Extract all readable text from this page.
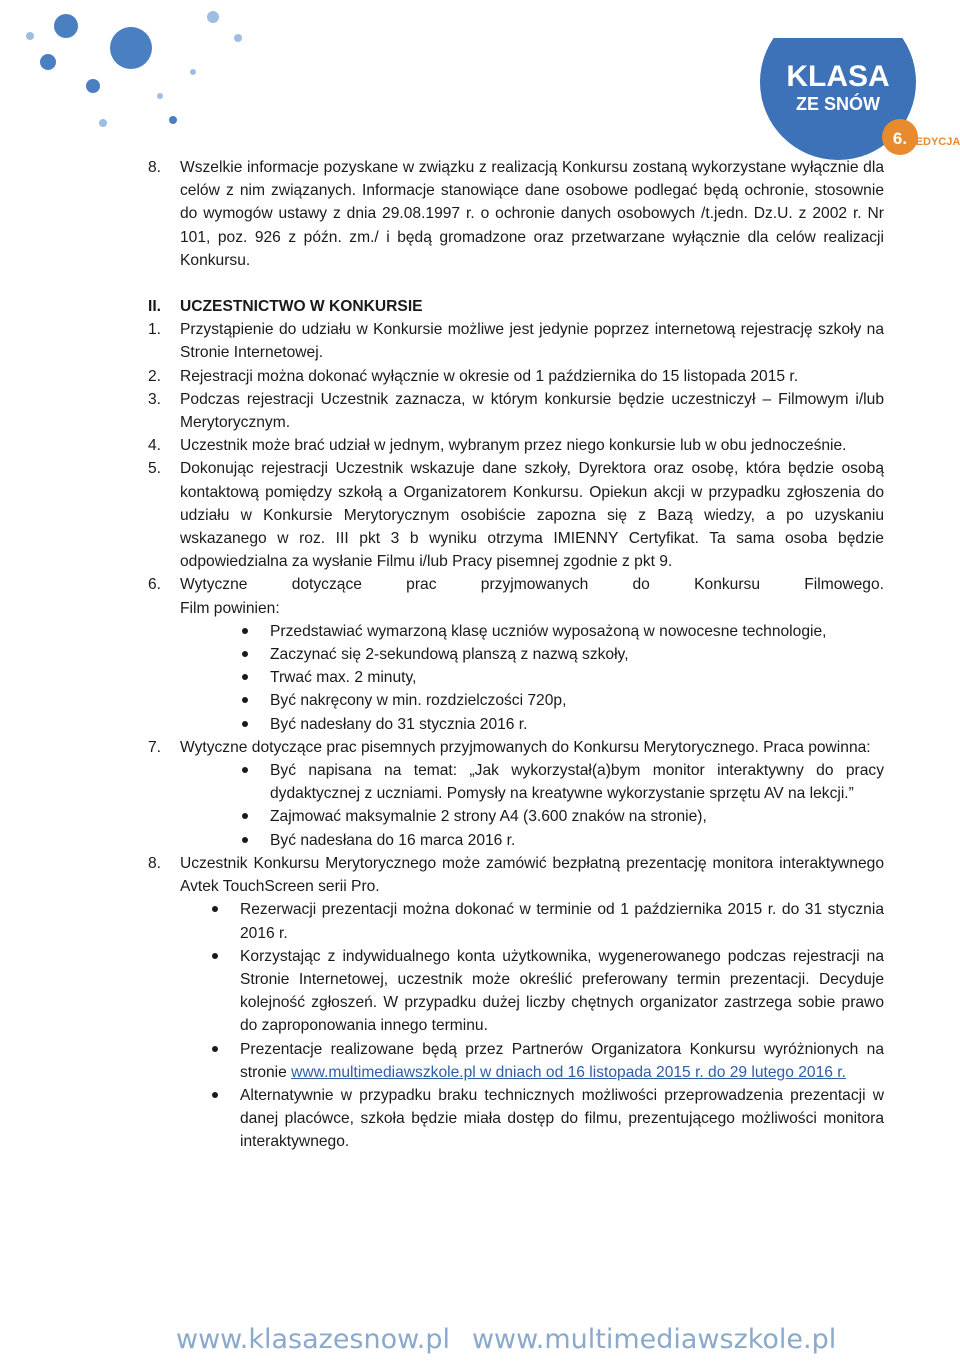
KLASA
ZE SNÓW
6. EDYCJA
8. Wszelkie informacje pozyskane w związku z realizacją Konkursu zostaną wykorzystane wyłącznie dla celów z nim związanych. Informacje stanowiące dane osobowe podlegać będą ochronie, stosownie do wymogów ustawy z dnia 29.08.1997 r. o ochronie danych osobowych /t.jedn. Dz.U. z 2002 r. Nr 101, poz. 926 z późn. zm./ i będą gromadzone oraz przetwarzane wyłącznie dla celów realizacji Konkursu.
II. UCZESTNICTWO W KONKURSIE
1. Przystąpienie do udziału w Konkursie możliwe jest jedynie poprzez internetową rejestrację szkoły na Stronie Internetowej.
2. Rejestracji można dokonać wyłącznie w okresie od 1 października do 15 listopada 2015 r.
3. Podczas rejestracji Uczestnik zaznacza, w którym konkursie będzie uczestniczył – Filmowym i/lub Merytorycznym.
4. Uczestnik może brać udział w jednym, wybranym przez niego konkursie lub w obu jednocześnie.
5. Dokonując rejestracji Uczestnik wskazuje dane szkoły, Dyrektora oraz osobę, która będzie osobą kontaktową pomiędzy szkołą a Organizatorem Konkursu. Opiekun akcji w przypadku zgłoszenia do udziału w Konkursie Merytorycznym osobiście zapozna się z Bazą wiedzy, a po uzyskaniu wskazanego w roz. III pkt 3 b wyniku otrzyma IMIENNY Certyfikat. Ta sama osoba będzie odpowiedzialna za wysłanie Filmu i/lub Pracy pisemnej zgodnie z pkt 9.
6. Wytyczne dotyczące prac przyjmowanych do Konkursu Filmowego.
Film powinien:
Przedstawiać wymarzoną klasę uczniów wyposażoną w nowocesne technologie,
Zaczynać się 2-sekundową planszą z nazwą szkoły,
Trwać max. 2 minuty,
Być nakręcony w min. rozdzielczości 720p,
Być nadesłany do 31 stycznia 2016 r.
7. Wytyczne dotyczące prac pisemnych przyjmowanych do Konkursu Merytorycznego. Praca powinna:
Być napisana na temat: „Jak wykorzystał(a)bym monitor interaktywny do pracy dydaktycznej z uczniami. Pomysły na kreatywne wykorzystanie sprzętu AV na lekcji.”
Zajmować maksymalnie 2 strony A4 (3.600 znaków na stronie),
Być nadesłana do 16 marca 2016 r.
8. Uczestnik Konkursu Merytorycznego może zamówić bezpłatną prezentację monitora interaktywnego Avtek TouchScreen serii Pro.
Rezerwacji prezentacji można dokonać w terminie od 1 października 2015 r. do 31 stycznia 2016 r.
Korzystając z indywidualnego konta użytkownika, wygenerowanego podczas rejestracji na Stronie Internetowej, uczestnik może określić preferowany termin prezentacji. Decyduje kolejność zgłoszeń. W przypadku dużej liczby chętnych organizator zastrzega sobie prawo do zaproponowania innego terminu.
Prezentacje realizowane będą przez Partnerów Organizatora Konkursu wyróżnionych na stronie www.multimediawszkole.pl w dniach od 16 listopada 2015 r. do 29 lutego 2016 r.
Alternatywnie w przypadku braku technicznych możliwości przeprowadzenia prezentacji w danej placówce, szkoła będzie miała dostęp do filmu, prezentującego możliwości monitora interaktywnego.
www.klasazesnow.pl www.multimediawszkole.pl
